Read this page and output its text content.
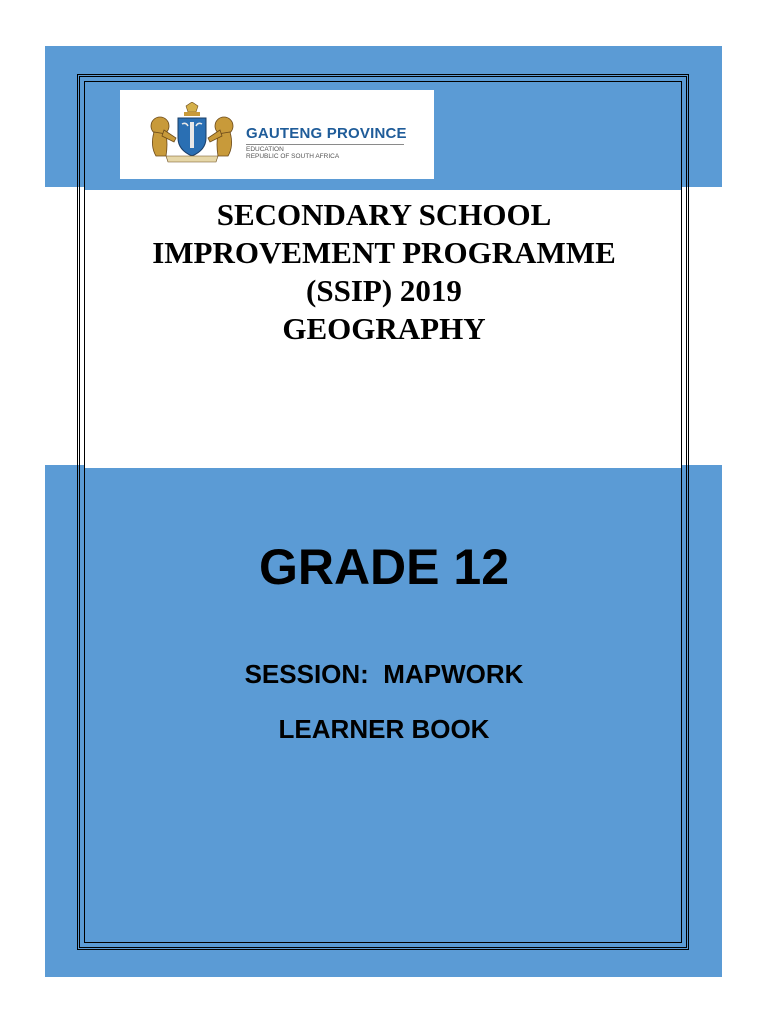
GAUTENG PROVINCE
EDUCATION
REPUBLIC OF SOUTH AFRICA
SECONDARY SCHOOL
IMPROVEMENT PROGRAMME
(SSIP) 2019
GEOGRAPHY
GRADE 12
SESSION:  MAPWORK
LEARNER BOOK
